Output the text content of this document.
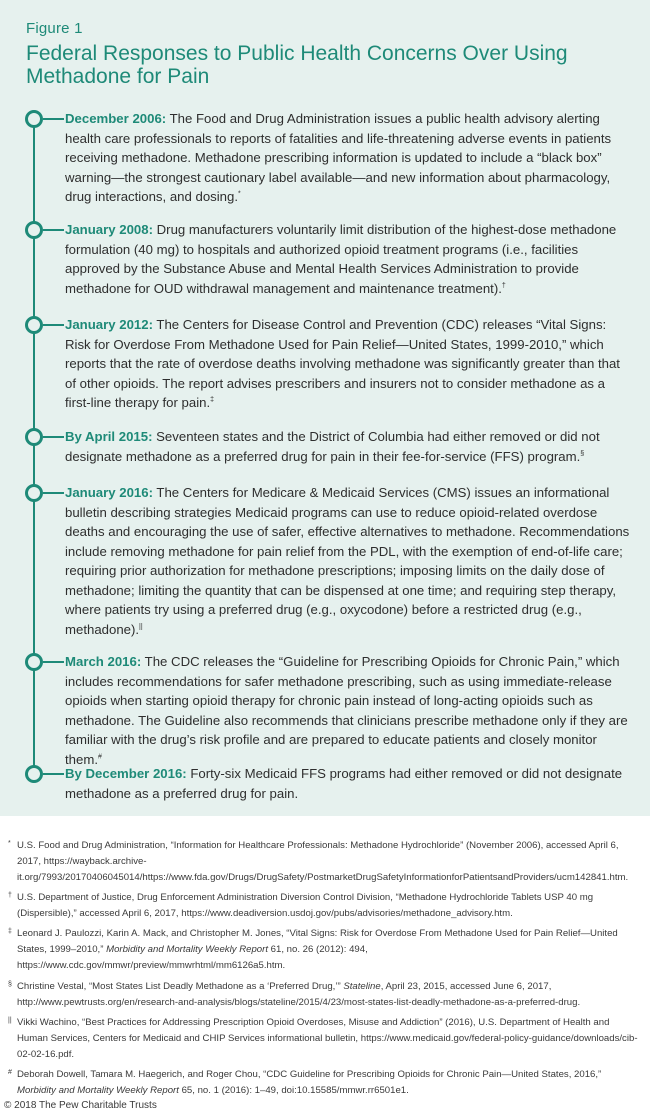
Figure 1
Federal Responses to Public Health Concerns Over Using Methadone for Pain
December 2006: The Food and Drug Administration issues a public health advisory alerting health care professionals to reports of fatalities and life-threatening adverse events in patients receiving methadone. Methadone prescribing information is updated to include a “black box” warning—the strongest cautionary label available—and new information about pharmacology, drug interactions, and dosing.*
January 2008: Drug manufacturers voluntarily limit distribution of the highest-dose methadone formulation (40 mg) to hospitals and authorized opioid treatment programs (i.e., facilities approved by the Substance Abuse and Mental Health Services Administration to provide methadone for OUD withdrawal management and maintenance treatment).†
January 2012: The Centers for Disease Control and Prevention (CDC) releases “Vital Signs: Risk for Overdose From Methadone Used for Pain Relief—United States, 1999-2010,” which reports that the rate of overdose deaths involving methadone was significantly greater than that of other opioids. The report advises prescribers and insurers not to consider methadone as a first-line therapy for pain.‡
By April 2015: Seventeen states and the District of Columbia had either removed or did not designate methadone as a preferred drug for pain in their fee-for-service (FFS) program.§
January 2016: The Centers for Medicare & Medicaid Services (CMS) issues an informational bulletin describing strategies Medicaid programs can use to reduce opioid-related overdose deaths and encouraging the use of safer, effective alternatives to methadone. Recommendations include removing methadone for pain relief from the PDL, with the exemption of end-of-life care; requiring prior authorization for methadone prescriptions; imposing limits on the daily dose of methadone; limiting the quantity that can be dispensed at one time; and requiring step therapy, where patients try using a preferred drug (e.g., oxycodone) before a restricted drug (e.g., methadone).||
March 2016: The CDC releases the “Guideline for Prescribing Opioids for Chronic Pain,” which includes recommendations for safer methadone prescribing, such as using immediate-release opioids when starting opioid therapy for chronic pain instead of long-acting opioids such as methadone. The Guideline also recommends that clinicians prescribe methadone only if they are familiar with the drug’s risk profile and are prepared to educate patients and closely monitor them.#
By December 2016: Forty-six Medicaid FFS programs had either removed or did not designate methadone as a preferred drug for pain.
* U.S. Food and Drug Administration, “Information for Healthcare Professionals: Methadone Hydrochloride” (November 2006), accessed April 6, 2017, https://wayback.archive-it.org/7993/20170406045014/https://www.fda.gov/Drugs/DrugSafety/PostmarketDrugSafetyInformationforPatientsandProviders/ucm142841.htm.
† U.S. Department of Justice, Drug Enforcement Administration Diversion Control Division, “Methadone Hydrochloride Tablets USP 40 mg (Dispersible),” accessed April 6, 2017, https://www.deadiversion.usdoj.gov/pubs/advisories/methadone_advisory.htm.
‡ Leonard J. Paulozzi, Karin A. Mack, and Christopher M. Jones, “Vital Signs: Risk for Overdose From Methadone Used for Pain Relief—United States, 1999–2010,” Morbidity and Mortality Weekly Report 61, no. 26 (2012): 494, https://www.cdc.gov/mmwr/preview/mmwrhtml/mm6126a5.htm.
§ Christine Vestal, “Most States List Deadly Methadone as a ‘Preferred Drug,’” Stateline, April 23, 2015, accessed June 6, 2017, http://www.pewtrusts.org/en/research-and-analysis/blogs/stateline/2015/4/23/most-states-list-deadly-methadone-as-a-preferred-drug.
|| Vikki Wachino, “Best Practices for Addressing Prescription Opioid Overdoses, Misuse and Addiction” (2016), U.S. Department of Health and Human Services, Centers for Medicaid and CHIP Services informational bulletin, https://www.medicaid.gov/federal-policy-guidance/downloads/cib-02-02-16.pdf.
# Deborah Dowell, Tamara M. Haegerich, and Roger Chou, “CDC Guideline for Prescribing Opioids for Chronic Pain—United States, 2016,” Morbidity and Mortality Weekly Report 65, no. 1 (2016): 1–49, doi:10.15585/mmwr.rr6501e1.
© 2018 The Pew Charitable Trusts
